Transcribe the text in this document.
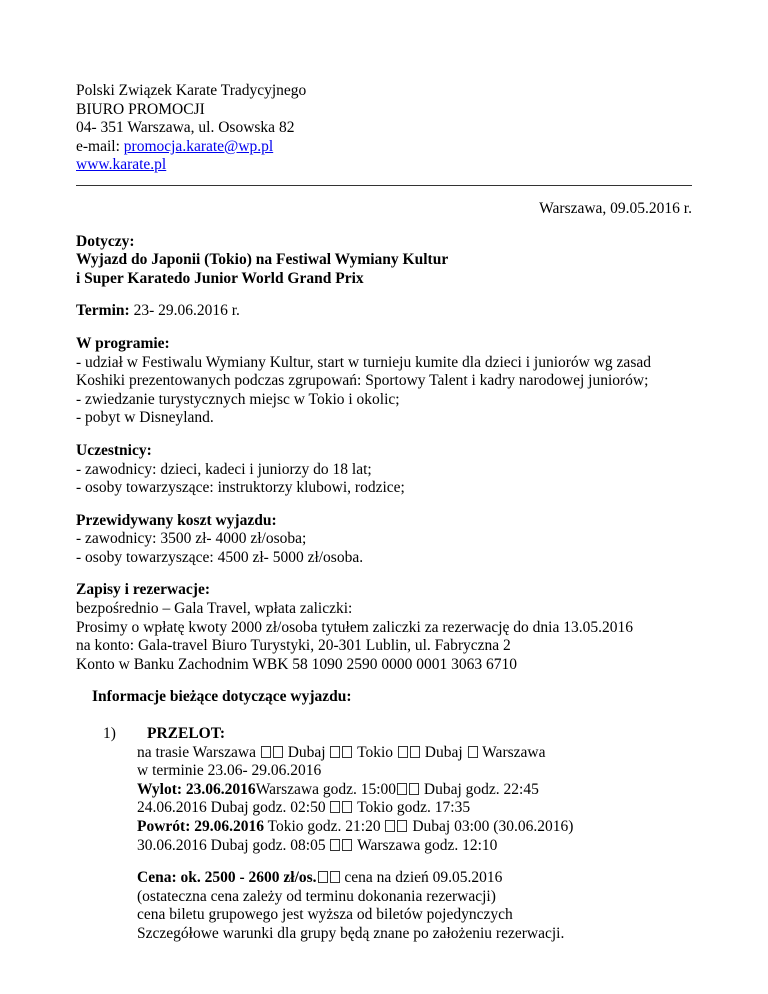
Polski Związek Karate Tradycyjnego
BIURO PROMOCJI
04- 351 Warszawa, ul. Osowska 82
e-mail: promocja.karate@wp.pl
www.karate.pl
Warszawa, 09.05.2016 r.
Dotyczy:
Wyjazd do Japonii (Tokio) na Festiwal Wymiany Kultur
i Super Karatedo Junior World Grand Prix
Termin: 23- 29.06.2016 r.
W programie:
- udział w Festiwalu Wymiany Kultur, start w turnieju kumite dla dzieci i juniorów wg zasad
Koshiki prezentowanych podczas zgrupowań: Sportowy Talent i kadry narodowej juniorów;
- zwiedzanie turystycznych miejsc w Tokio i okolic;
- pobyt w Disneyland.
Uczestnicy:
- zawodnicy: dzieci, kadeci i juniorzy do 18 lat;
- osoby towarzyszące: instruktorzy klubowi, rodzice;
Przewidywany koszt wyjazdu:
- zawodnicy: 3500 zł- 4000 zł/osoba;
- osoby towarzyszące: 4500 zł- 5000 zł/osoba.
Zapisy i rezerwacje:
bezpośrednio – Gala Travel, wpłata zaliczki:
Prosimy o wpłatę kwoty 2000 zł/osoba tytułem zaliczki za rezerwację do dnia 13.05.2016
na konto: Gala-travel Biuro Turystyki, 20-301 Lublin, ul. Fabryczna 2
Konto w Banku Zachodnim WBK 58 1090 2590 0000 0001 3063 6710
Informacje bieżące dotyczące wyjazdu:
1)	PRZELOT:
na trasie Warszawa Dubaj Tokio Dubaj Warszawa
w terminie 23.06- 29.06.2016
Wylot: 23.06.2016Warszawa godz. 15:00 Dubaj godz. 22:45
24.06.2016 Dubaj godz. 02:50 Tokio godz. 17:35
Powrót: 29.06.2016 Tokio godz. 21:20 Dubaj 03:00 (30.06.2016)
30.06.2016 Dubaj godz. 08:05 Warszawa godz. 12:10
Cena: ok. 2500 - 2600 zł/os. cena na dzień 09.05.2016
(ostateczna cena zależy od terminu dokonania rezerwacji)
cena biletu grupowego jest wyższa od biletów pojedynczych
Szczegółowe warunki dla grupy będą znane po założeniu rezerwacji.
